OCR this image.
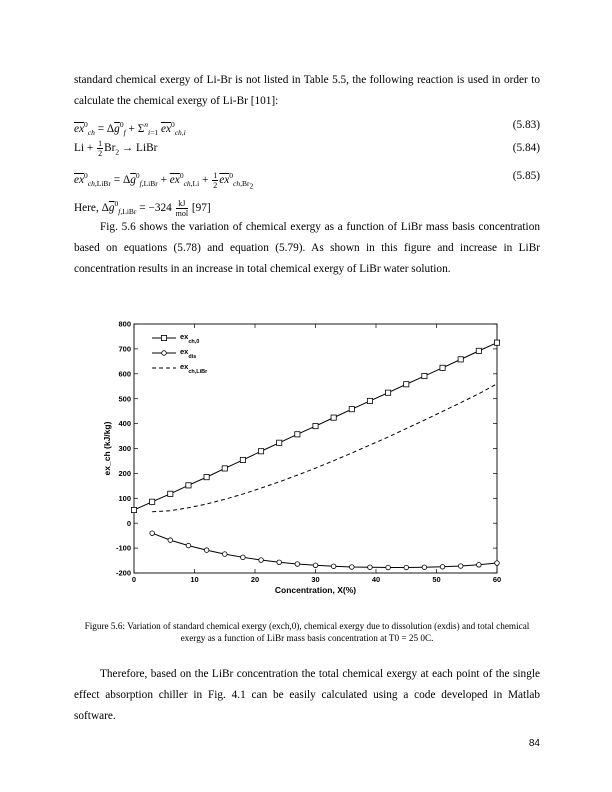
standard chemical exergy of Li-Br is not listed in Table 5.5, the following reaction is used in order to calculate the chemical exergy of Li-Br [101]:
$\overline{ex}^0_{ch} = \Delta\overline{g}^0_f + \Sigma^n_{i=1}$ $\overline{ex}^0_{ch,i}$
(5.83)
$Li + \frac{1}{2} Br_2$ → LiBr	(5.84)
$\overline{ex}^0_{ch,LiBr} = \Delta\overline{g}^0_{f,LiBr} + \overline{ex}^0_{ch,Li} + \frac{1}{2} \overline{ex}^0_{ch,Br_2}$
(5.85)
Here, $\Delta\overline{g}^0_{f,LiBr} = -324 \frac{kJ}{\text{mol}} [97]$
Fig. 5.6 shows the variation of chemical exergy as a function of LiBr mass basis concentration based on equations (5.78) and equation (5.79). As shown in this figure and increase in LiBr concentration results in an increase in total chemical exergy of LiBr water solution.
0	10	20	30	40	50	60
-200
-100
0
100
200
300
400
500
600
700
800
Concentration, X(%)
ex_ch (kJ/kg)
$ex_{ch,0}$
$ex_{dis}$
$ex_{ch,LiBr}$
Figure 5.6: Variation of standard chemical exergy (exch,0), chemical exergy due to dissolution (exdis) and total chemical exergy as a function of LiBr mass basis concentration at T0 = 25 0C.
Therefore, based on the LiBr concentration the total chemical exergy at each point of the single effect absorption chiller in Fig. 4.1 can be easily calculated using a code developed in Matlab software.
84
